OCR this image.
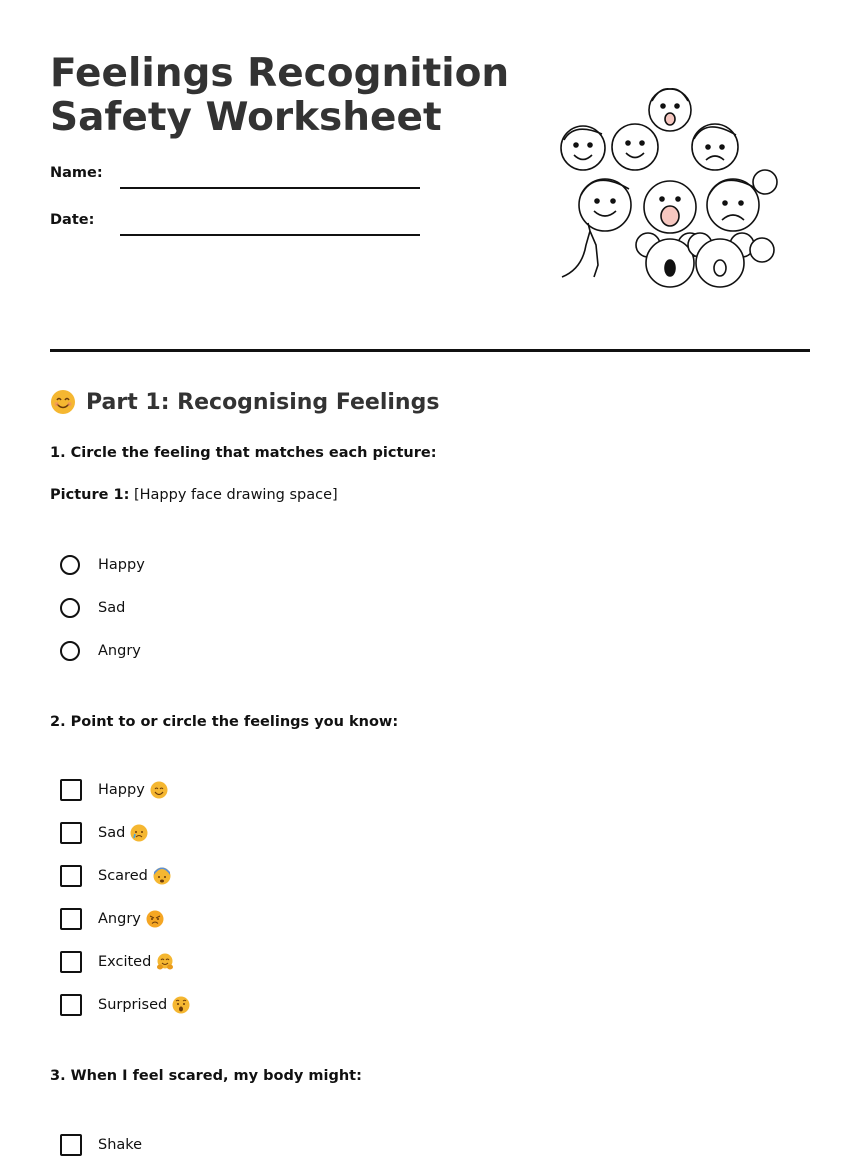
Feelings Recognition
Safety Worksheet
Name:
Date:
Part 1: Recognising Feelings
1. Circle the feeling that matches each picture:
Picture 1: [Happy face drawing space]
Happy
Sad
Angry
2. Point to or circle the feelings you know:
Happy
Sad
Scared
Angry
Excited
Surprised
3. When I feel scared, my body might:
Shake
